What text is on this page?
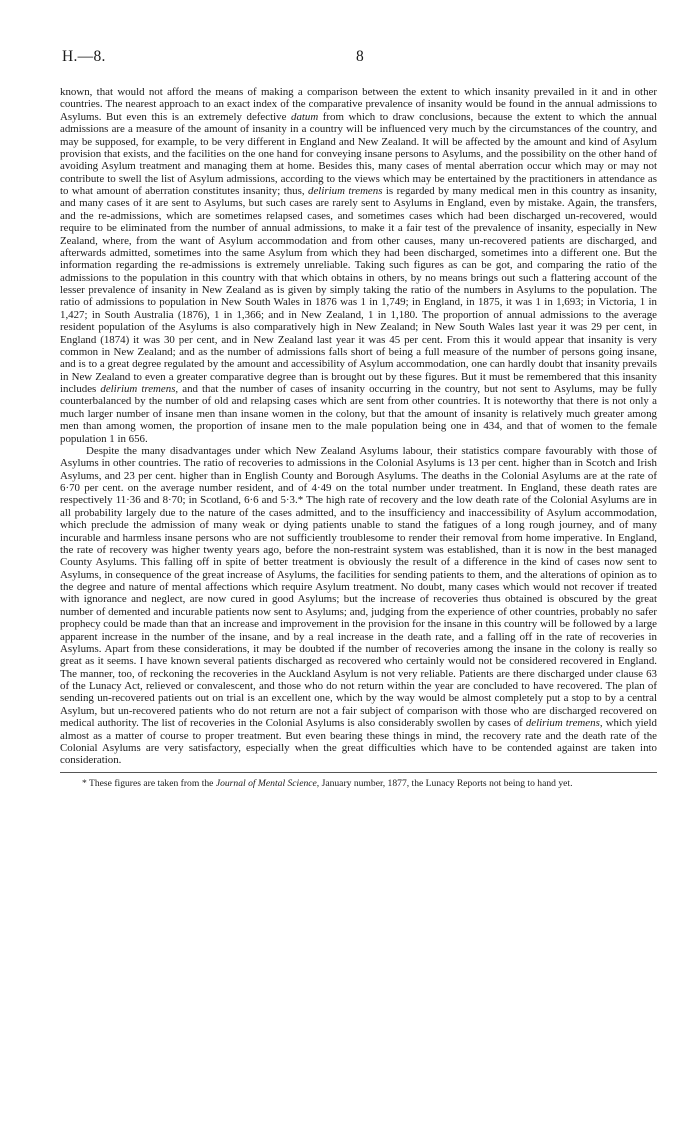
H.—8.	8

known, that would not afford the means of making a comparison between the extent to which insanity prevailed in it and in other countries. The nearest approach to an exact index of the comparative prevalence of insanity would be found in the annual admissions to Asylums. But even this is an extremely defective datum from which to draw conclusions, because the extent to which the annual admissions are a measure of the amount of insanity in a country will be influenced very much by the circumstances of the country, and may be supposed, for example, to be very different in England and New Zealand. It will be affected by the amount and kind of Asylum provision that exists, and the facilities on the one hand for conveying insane persons to Asylums, and the possibility on the other hand of avoiding Asylum treatment and managing them at home. Besides this, many cases of mental aberration occur which may or may not contribute to swell the list of Asylum admissions, according to the views which may be entertained by the practitioners in attendance as to what amount of aberration constitutes insanity; thus, delirium tremens is regarded by many medical men in this country as insanity, and many cases of it are sent to Asylums, but such cases are rarely sent to Asylums in England, even by mistake. Again, the transfers, and the re-admissions, which are sometimes relapsed cases, and sometimes cases which had been discharged un-recovered, would require to be eliminated from the number of annual admissions, to make it a fair test of the prevalence of insanity, especially in New Zealand, where, from the want of Asylum accommodation and from other causes, many un-recovered patients are discharged, and afterwards admitted, sometimes into the same Asylum from which they had been discharged, sometimes into a different one. But the information regarding the re-admissions is extremely unreliable. Taking such figures as can be got, and comparing the ratio of the admissions to the population in this country with that which obtains in others, by no means brings out such a flattering account of the lesser prevalence of insanity in New Zealand as is given by simply taking the ratio of the numbers in Asylums to the population. The ratio of admissions to population in New South Wales in 1876 was 1 in 1,749; in England, in 1875, it was 1 in 1,693; in Victoria, 1 in 1,427; in South Australia (1876), 1 in 1,366; and in New Zealand, 1 in 1,180. The proportion of annual admissions to the average resident population of the Asylums is also comparatively high in New Zealand; in New South Wales last year it was 29 per cent, in England (1874) it was 30 per cent, and in New Zealand last year it was 45 per cent. From this it would appear that insanity is very common in New Zealand; and as the number of admissions falls short of being a full measure of the number of persons going insane, and is to a great degree regulated by the amount and accessibility of Asylum accommodation, one can hardly doubt that insanity prevails in New Zealand to even a greater comparative degree than is brought out by these figures. But it must be remembered that this insanity includes delirium tremens, and that the number of cases of insanity occurring in the country, but not sent to Asylums, may be fully counterbalanced by the number of old and relapsing cases which are sent from other countries. It is noteworthy that there is not only a much larger number of insane men than insane women in the colony, but that the amount of insanity is relatively much greater among men than among women, the proportion of insane men to the male population being one in 434, and that of women to the female population 1 in 656.

Despite the many disadvantages under which New Zealand Asylums labour, their statistics compare favourably with those of Asylums in other countries. The ratio of recoveries to admissions in the Colonial Asylums is 13 per cent. higher than in Scotch and Irish Asylums, and 23 per cent. higher than in English County and Borough Asylums. The deaths in the Colonial Asylums are at the rate of 6·70 per cent. on the average number resident, and of 4·49 on the total number under treatment. In England, these death rates are respectively 11·36 and 8·70; in Scotland, 6·6 and 5·3.* The high rate of recovery and the low death rate of the Colonial Asylums are in all probability largely due to the nature of the cases admitted, and to the insufficiency and inaccessibility of Asylum accommodation, which preclude the admission of many weak or dying patients unable to stand the fatigues of a long rough journey, and of many incurable and harmless insane persons who are not sufficiently troublesome to render their removal from home imperative. In England, the rate of recovery was higher twenty years ago, before the non-restraint system was established, than it is now in the best managed County Asylums. This falling off in spite of better treatment is obviously the result of a difference in the kind of cases now sent to Asylums, in consequence of the great increase of Asylums, the facilities for sending patients to them, and the alterations of opinion as to the degree and nature of mental affections which require Asylum treatment. No doubt, many cases which would not recover if treated with ignorance and neglect, are now cured in good Asylums; but the increase of recoveries thus obtained is obscured by the great number of demented and incurable patients now sent to Asylums; and, judging from the experience of other countries, probably no safer prophecy could be made than that an increase and improvement in the provision for the insane in this country will be followed by a large apparent increase in the number of the insane, and by a real increase in the death rate, and a falling off in the rate of recoveries in Asylums. Apart from these considerations, it may be doubted if the number of recoveries among the insane in the colony is really so great as it seems. I have known several patients discharged as recovered who certainly would not be considered recovered in England. The manner, too, of reckoning the recoveries in the Auckland Asylum is not very reliable. Patients are there discharged under clause 63 of the Lunacy Act, relieved or convalescent, and those who do not return within the year are concluded to have recovered. The plan of sending un-recovered patients out on trial is an excellent one, which by the way would be almost completely put a stop to by a central Asylum, but un-recovered patients who do not return are not a fair subject of comparison with those who are discharged recovered on medical authority. The list of recoveries in the Colonial Asylums is also considerably swollen by cases of delirium tremens, which yield almost as a matter of course to proper treatment. But even bearing these things in mind, the recovery rate and the death rate of the Colonial Asylums are very satisfactory, especially when the great difficulties which have to be contended against are taken into consideration.

* These figures are taken from the Journal of Mental Science, January number, 1877, the Lunacy Reports not being to hand yet.
